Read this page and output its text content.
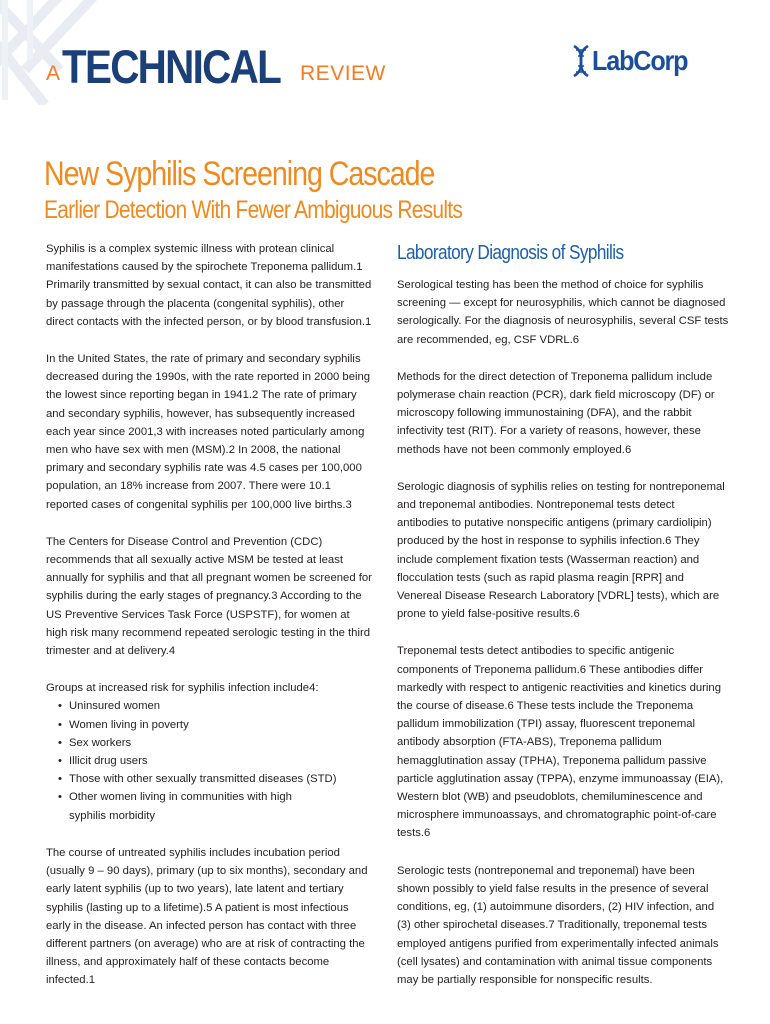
A TECHNICAL REVIEW	LabCorp
New Syphilis Screening Cascade
Earlier Detection With Fewer Ambiguous Results

Syphilis is a complex systemic illness with protean clinical manifestations caused by the spirochete Treponema pallidum.1 Primarily transmitted by sexual contact, it can also be transmitted by passage through the placenta (congenital syphilis), other direct contacts with the infected person, or by blood transfusion.1

In the United States, the rate of primary and secondary syphilis decreased during the 1990s, with the rate reported in 2000 being the lowest since reporting began in 1941.2 The rate of primary and secondary syphilis, however, has subsequently increased each year since 2001,3 with increases noted particularly among men who have sex with men (MSM).2 In 2008, the national primary and secondary syphilis rate was 4.5 cases per 100,000 population, an 18% increase from 2007. There were 10.1 reported cases of congenital syphilis per 100,000 live births.3

The Centers for Disease Control and Prevention (CDC) recommends that all sexually active MSM be tested at least annually for syphilis and that all pregnant women be screened for syphilis during the early stages of pregnancy.3 According to the US Preventive Services Task Force (USPSTF), for women at high risk many recommend repeated serologic testing in the third trimester and at delivery.4

Groups at increased risk for syphilis infection include4:
• Uninsured women
• Women living in poverty
• Sex workers
• Illicit drug users
• Those with other sexually transmitted diseases (STD)
• Other women living in communities with high syphilis morbidity

The course of untreated syphilis includes incubation period (usually 9 – 90 days), primary (up to six months), secondary and early latent syphilis (up to two years), late latent and tertiary syphilis (lasting up to a lifetime).5 A patient is most infectious early in the disease. An infected person has contact with three different partners (on average) who are at risk of contracting the illness, and approximately half of these contacts become infected.1

Laboratory Diagnosis of Syphilis

Serological testing has been the method of choice for syphilis screening — except for neurosyphilis, which cannot be diagnosed serologically. For the diagnosis of neurosyphilis, several CSF tests are recommended, eg, CSF VDRL.6

Methods for the direct detection of Treponema pallidum include polymerase chain reaction (PCR), dark field microscopy (DF) or microscopy following immunostaining (DFA), and the rabbit infectivity test (RIT). For a variety of reasons, however, these methods have not been commonly employed.6

Serologic diagnosis of syphilis relies on testing for nontreponemal and treponemal antibodies. Nontreponemal tests detect antibodies to putative nonspecific antigens (primary cardiolipin) produced by the host in response to syphilis infection.6 They include complement fixation tests (Wasserman reaction) and flocculation tests (such as rapid plasma reagin [RPR] and Venereal Disease Research Laboratory [VDRL] tests), which are prone to yield false-positive results.6

Treponemal tests detect antibodies to specific antigenic components of Treponema pallidum.6 These antibodies differ markedly with respect to antigenic reactivities and kinetics during the course of disease.6 These tests include the Treponema pallidum immobilization (TPI) assay, fluorescent treponemal antibody absorption (FTA-ABS), Treponema pallidum hemagglutination assay (TPHA), Treponema pallidum passive particle agglutination assay (TPPA), enzyme immunoassay (EIA), Western blot (WB) and pseudoblots, chemiluminescence and microsphere immunoassays, and chromatographic point-of-care tests.6

Serologic tests (nontreponemal and treponemal) have been shown possibly to yield false results in the presence of several conditions, eg, (1) autoimmune disorders, (2) HIV infection, and (3) other spirochetal diseases.7 Traditionally, treponemal tests employed antigens purified from experimentally infected animals (cell lysates) and contamination with animal tissue components may be partially responsible for nonspecific results.
